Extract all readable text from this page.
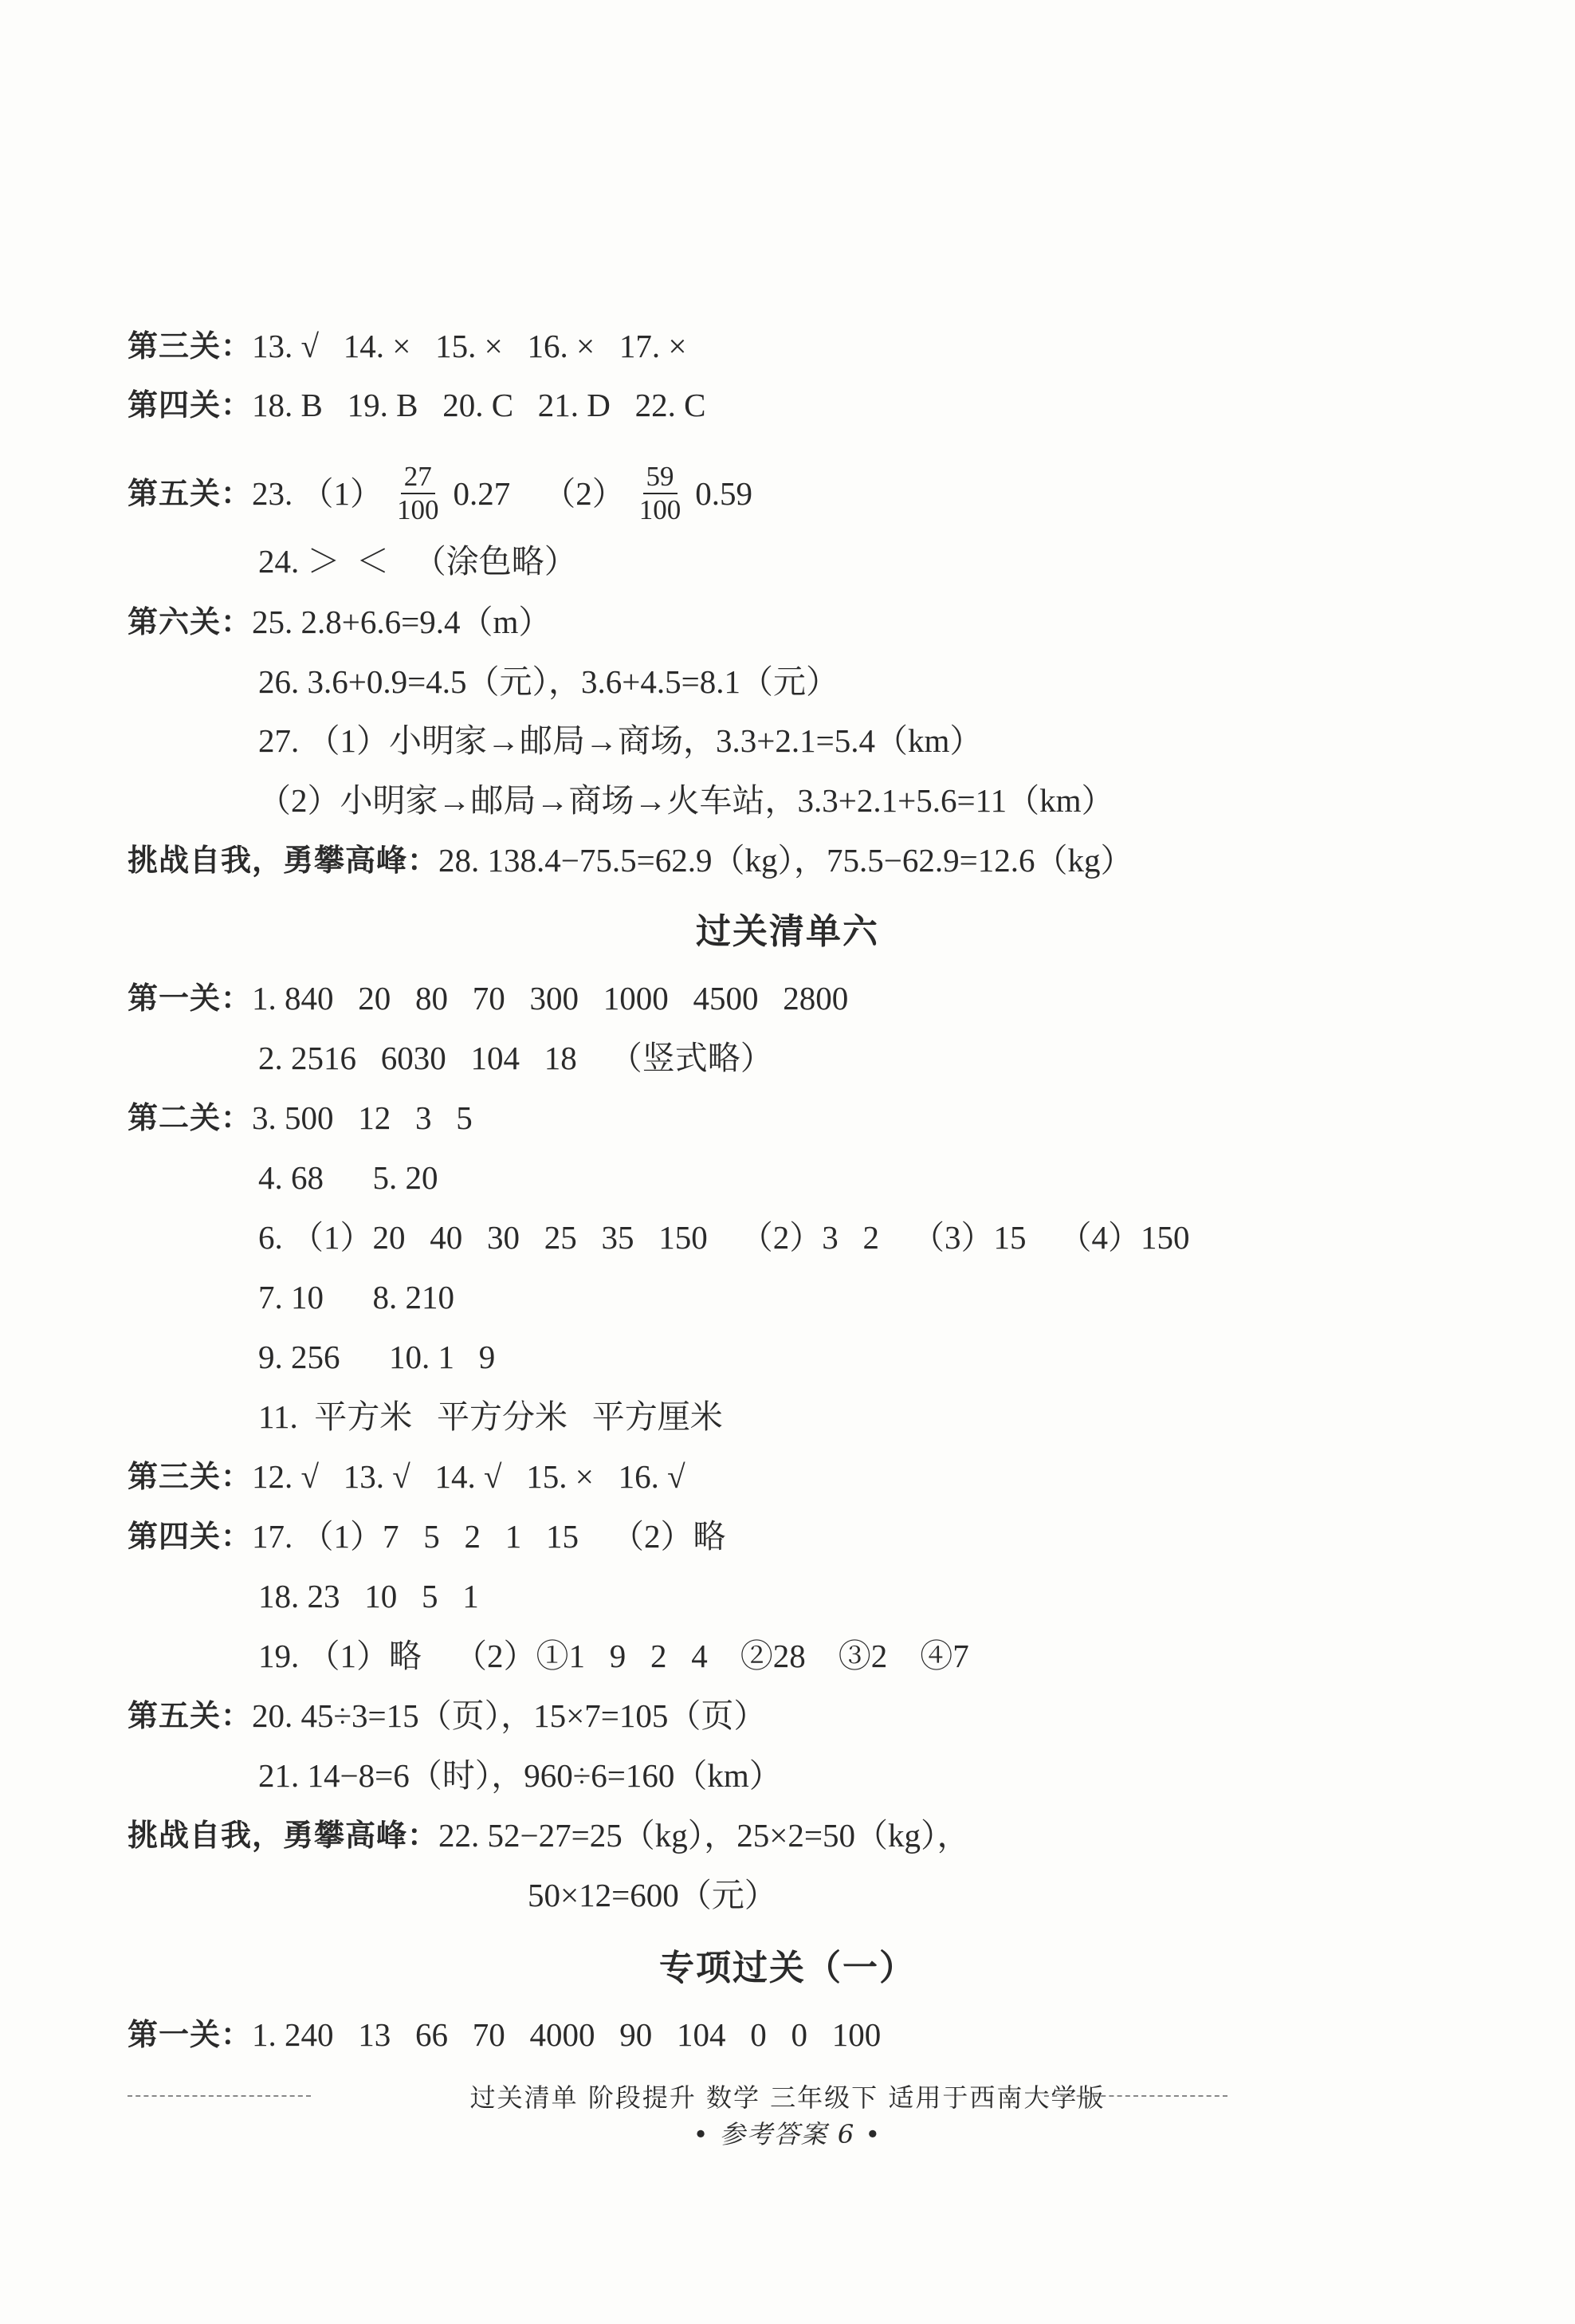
第三关： 13. √   14. ×   15. ×   16. ×   17. ×
第四关： 18. B   19. B   20. C   21. D   22. C
第五关： 23. $(1) \frac{27}{100} 0.27$    $(2) \frac{59}{100} 0.59$
24. ＞  ＜   （涂色略）
第六关： 25. 2.8+6.6=9.4（m）
26. 3.6+0.9=4.5（元），3.6+4.5=8.1（元）
27. （1）小明家→邮局→商场，3.3+2.1=5.4（km）
（2）小明家→邮局→商场→火车站，3.3+2.1+5.6=11（km）
挑战自我，勇攀高峰： 28. 138.4−75.5=62.9（kg），75.5−62.9=12.6（kg）
过关清单六
第一关： 1. 840   20   80   70   300   1000   4500   2800
2. 2516   6030   104   18    （竖式略）
第二关： 3. 500   12   3   5
4. 68      5. 20
6. （1）20   40   30   25   35   150    （2）3   2    （3）15    （4）150
7. 10      8. 210
9. 256      10. 1   9
11.  平方米   平方分米   平方厘米
第三关： 12. √   13. √   14. √   15. ×   16. √
第四关： 17. （1）7   5   2   1   15    （2）略
18. 23   10   5   1
19. （1）略    （2）①1   9   2   4    ②28    ③2    ④7
第五关： 20. 45÷3=15（页），15×7=105（页）
21. 14−8=6（时），960÷6=160（km）
挑战自我，勇攀高峰： 22. 52−27=25（kg），25×2=50（kg），
50×12=600（元）
专项过关（一）
第一关： 1. 240   13   66   70   4000   90   104   0   0   100
过关清单 阶段提升 数学 三年级下 适用于西南大学版
• 参考答案 6 •
